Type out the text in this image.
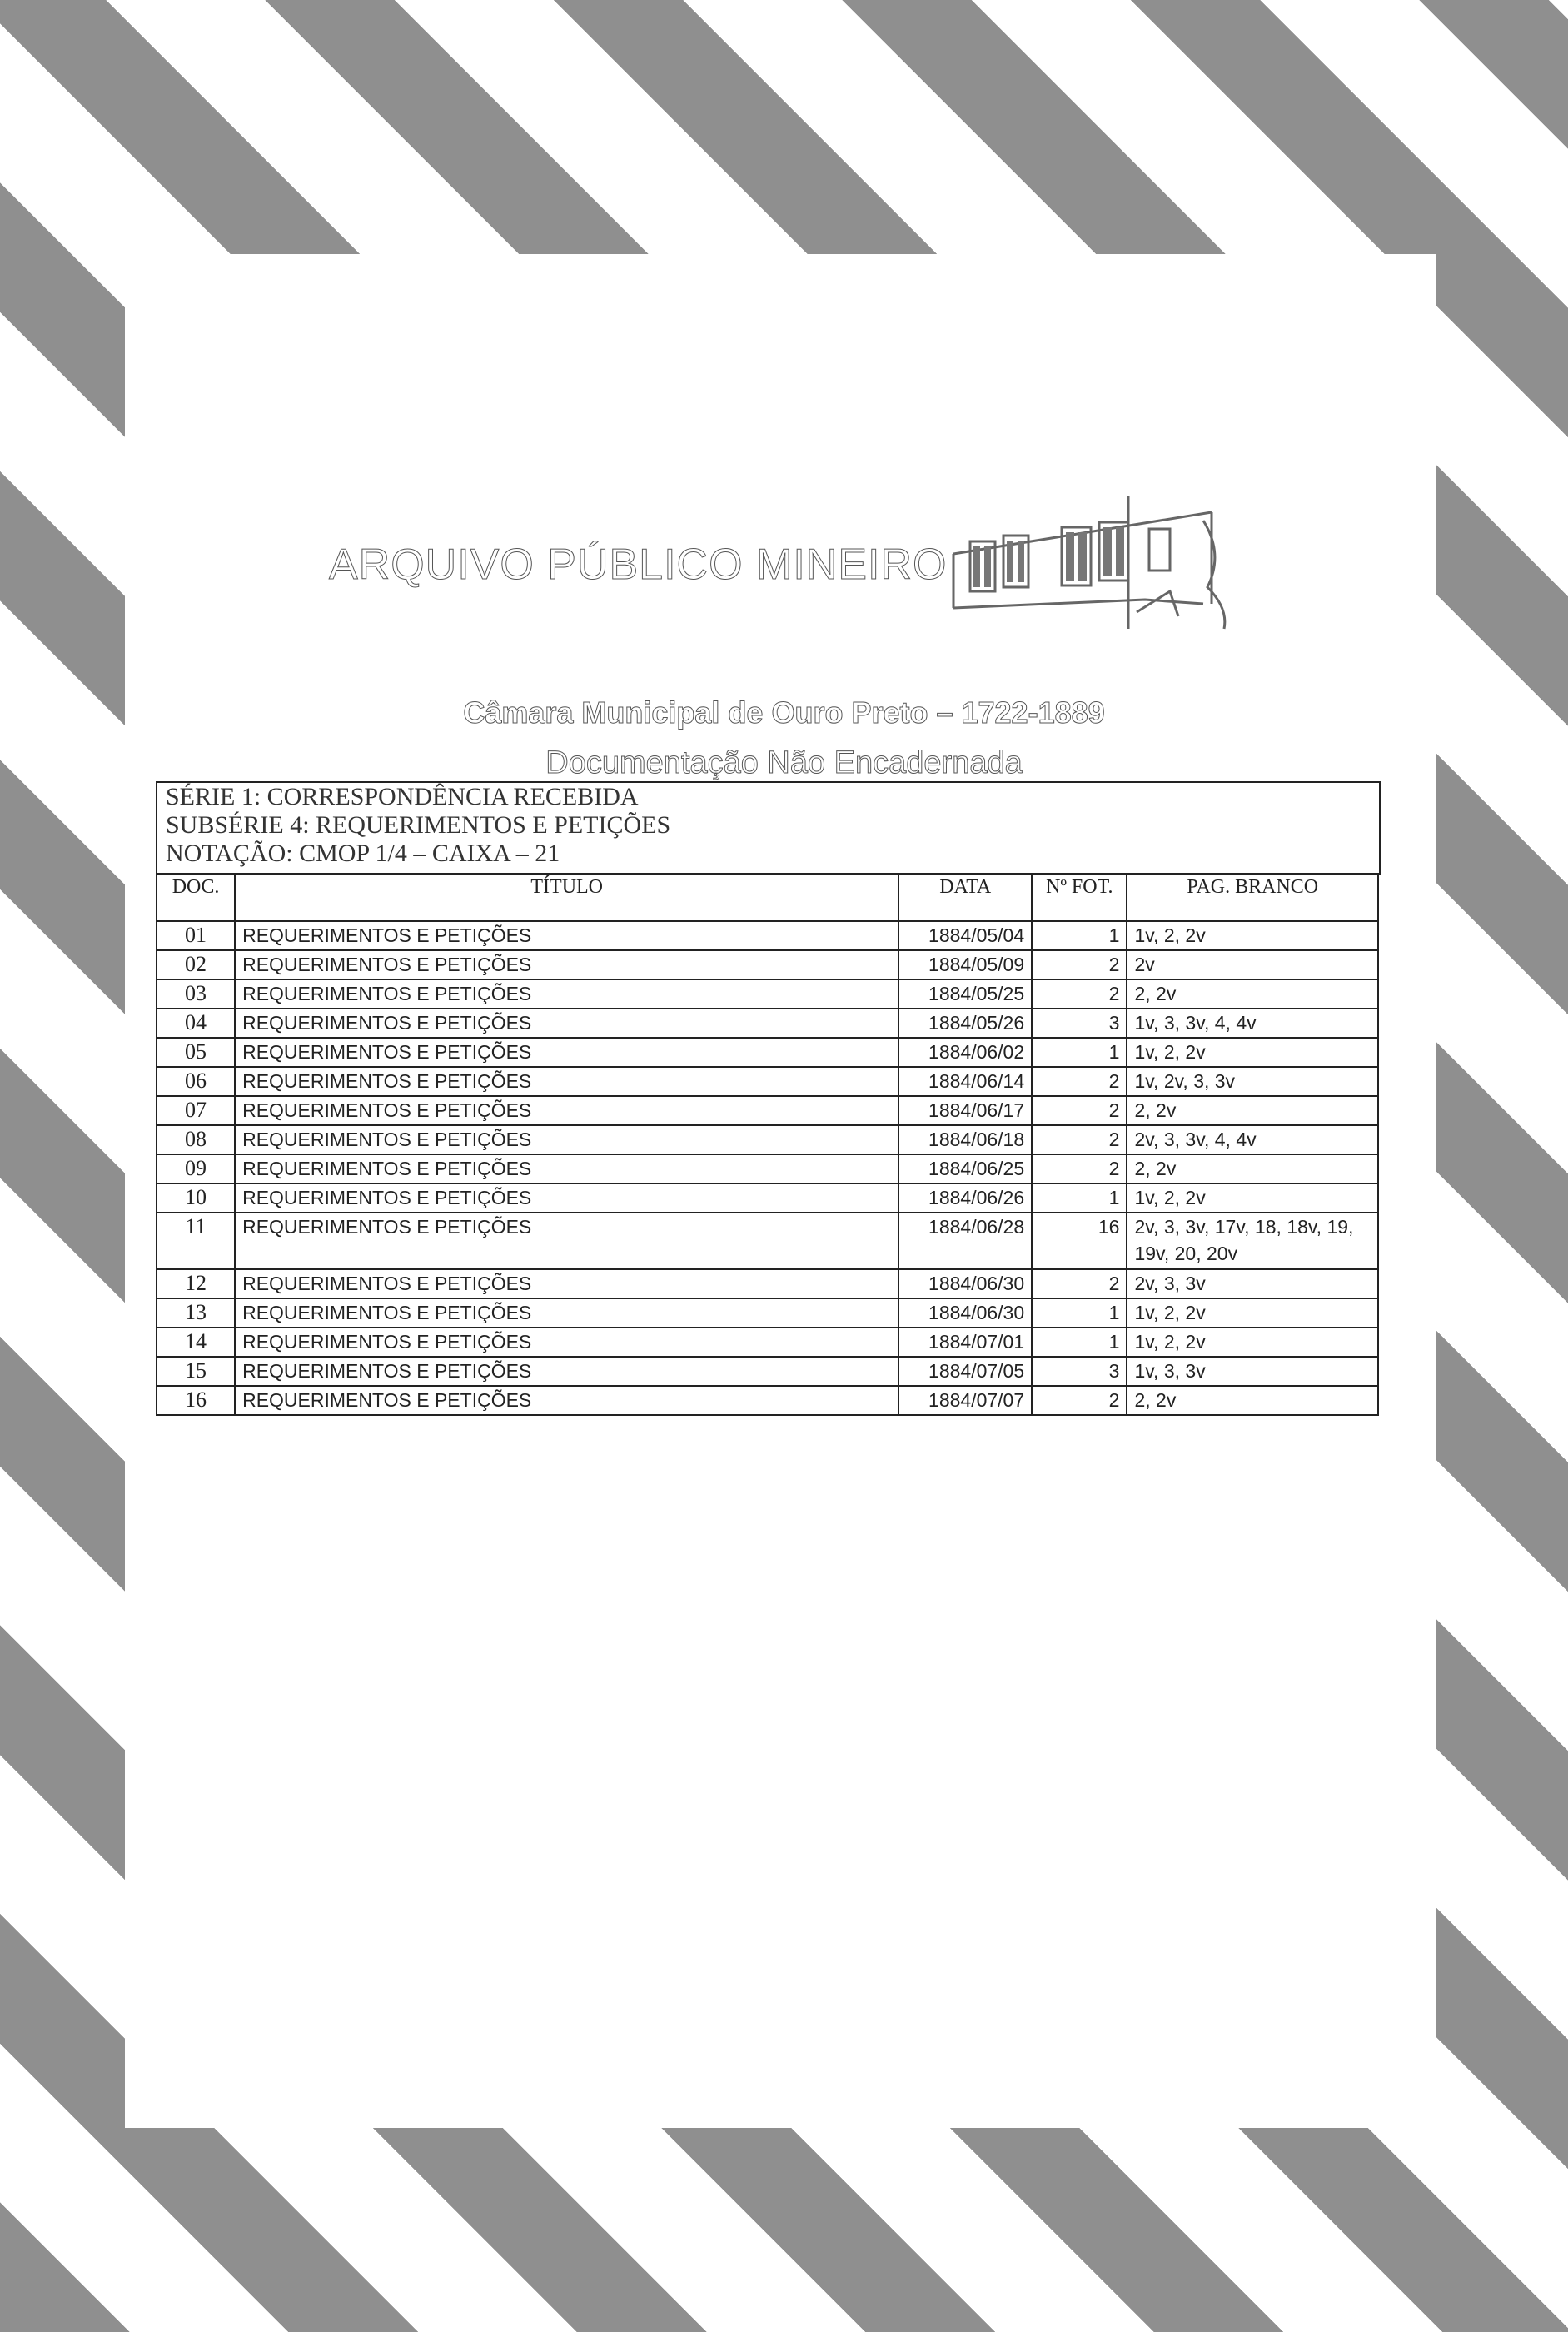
ARQUIVO PÚBLICO MINEIRO
Câmara Municipal de Ouro Preto – 1722-1889
Documentação Não Encadernada
SÉRIE 1: CORRESPONDÊNCIA RECEBIDA
SUBSÉRIE 4: REQUERIMENTOS E PETIÇÕES
NOTAÇÃO: CMOP 1/4 – CAIXA – 21
DOC.	TÍTULO	DATA	Nº FOT.	PAG. BRANCO
01	REQUERIMENTOS E PETIÇÕES	1884/05/04	1	1v, 2, 2v
02	REQUERIMENTOS E PETIÇÕES	1884/05/09	2	2v
03	REQUERIMENTOS E PETIÇÕES	1884/05/25	2	2, 2v
04	REQUERIMENTOS E PETIÇÕES	1884/05/26	3	1v, 3, 3v, 4, 4v
05	REQUERIMENTOS E PETIÇÕES	1884/06/02	1	1v, 2, 2v
06	REQUERIMENTOS E PETIÇÕES	1884/06/14	2	1v, 2v, 3, 3v
07	REQUERIMENTOS E PETIÇÕES	1884/06/17	2	2, 2v
08	REQUERIMENTOS E PETIÇÕES	1884/06/18	2	2v, 3, 3v, 4, 4v
09	REQUERIMENTOS E PETIÇÕES	1884/06/25	2	2, 2v
10	REQUERIMENTOS E PETIÇÕES	1884/06/26	1	1v, 2, 2v
11	REQUERIMENTOS E PETIÇÕES	1884/06/28	16	2v, 3, 3v, 17v, 18, 18v, 19, 19v, 20, 20v
12	REQUERIMENTOS E PETIÇÕES	1884/06/30	2	2v, 3, 3v
13	REQUERIMENTOS E PETIÇÕES	1884/06/30	1	1v, 2, 2v
14	REQUERIMENTOS E PETIÇÕES	1884/07/01	1	1v, 2, 2v
15	REQUERIMENTOS E PETIÇÕES	1884/07/05	3	1v, 3, 3v
16	REQUERIMENTOS E PETIÇÕES	1884/07/07	2	2, 2v
